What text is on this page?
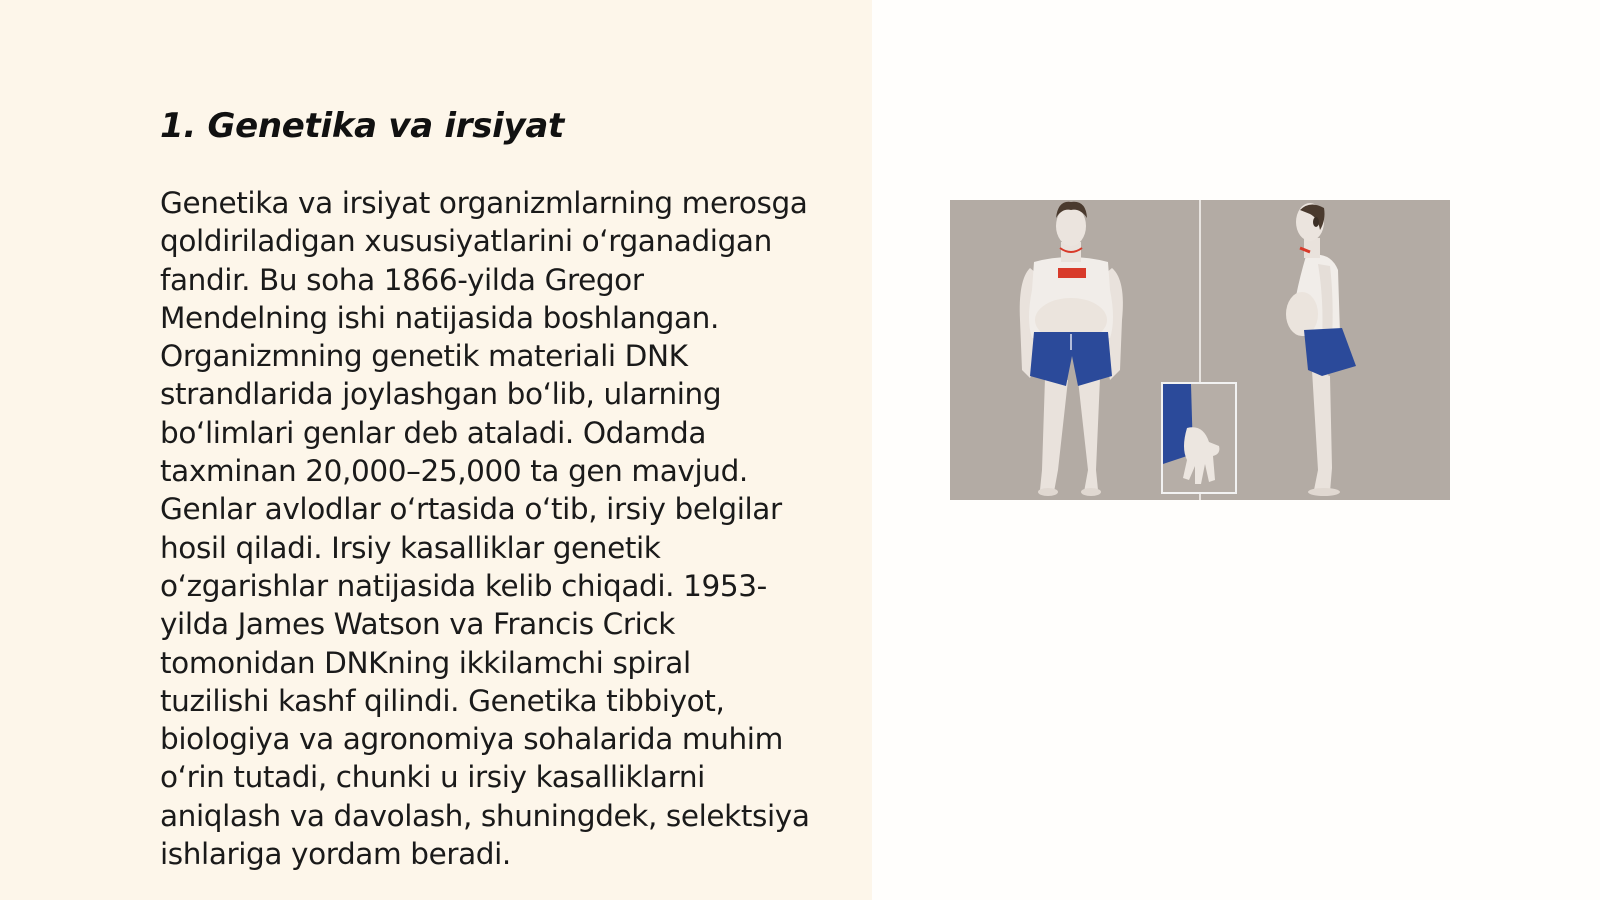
1. Genetika va irsiyat
Genetika va irsiyat organizmlarning merosga
qoldiriladigan xususiyatlarini o‘rganadigan
fandir. Bu soha 1866-yilda Gregor
Mendelning ishi natijasida boshlangan.
Organizmning genetik materiali DNK
strandlarida joylashgan bo‘lib, ularning
bo‘limlari genlar deb ataladi. Odamda
taxminan 20,000–25,000 ta gen mavjud.
Genlar avlodlar o‘rtasida o‘tib, irsiy belgilar
hosil qiladi. Irsiy kasalliklar genetik
o‘zgarishlar natijasida kelib chiqadi. 1953-
yilda James Watson va Francis Crick
tomonidan DNKning ikkilamchi spiral
tuzilishi kashf qilindi. Genetika tibbiyot,
biologiya va agronomiya sohalarida muhim
o‘rin tutadi, chunki u irsiy kasalliklarni
aniqlash va davolash, shuningdek, selektsiya
ishlariga yordam beradi.
